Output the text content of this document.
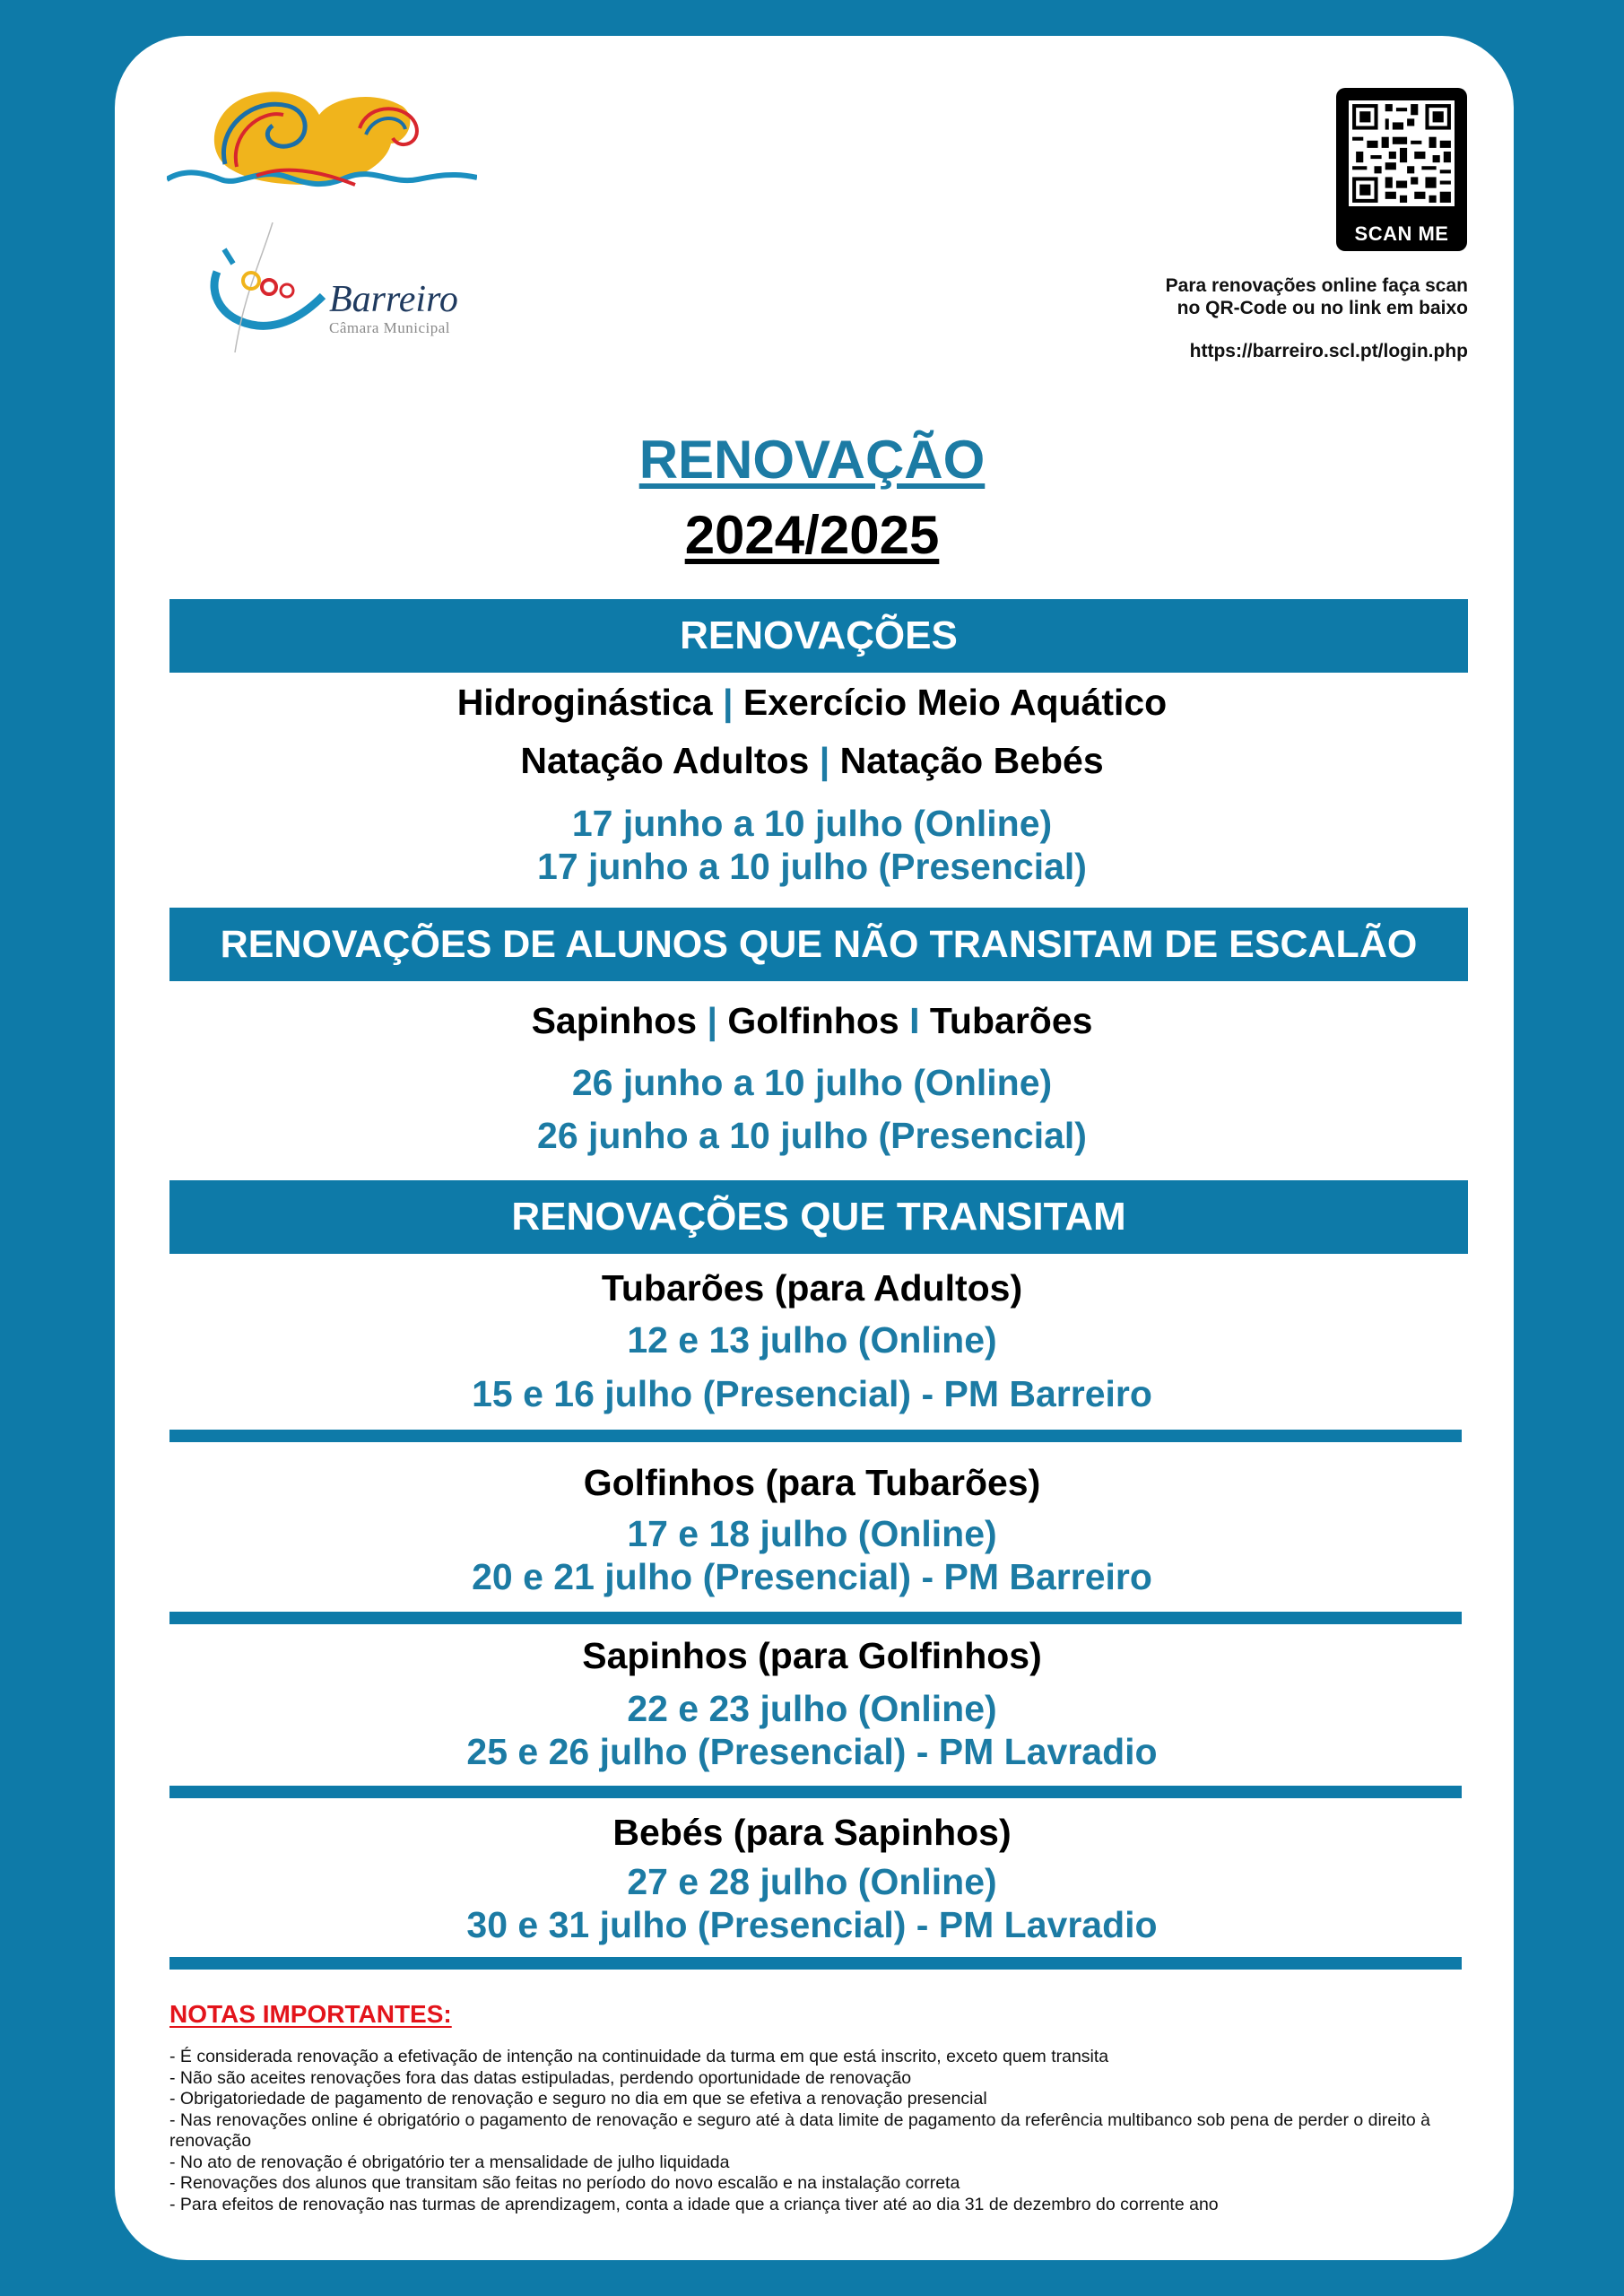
Barreiro
Câmara Municipal
SCAN ME
Para renovações online faça scan
no QR-Code ou no link em baixo
https://barreiro.scl.pt/login.php
RENOVAÇÃO
2024/2025
RENOVAÇÕES
Hidroginástica | Exercício Meio Aquático
Natação Adultos | Natação Bebés
17 junho a 10 julho (Online)
17 junho a 10 julho (Presencial)
RENOVAÇÕES DE ALUNOS QUE NÃO TRANSITAM DE ESCALÃO
Sapinhos | Golfinhos I Tubarões
26 junho a 10 julho (Online)
26 junho a 10 julho (Presencial)
RENOVAÇÕES QUE TRANSITAM
Tubarões (para Adultos)
12 e 13 julho (Online)
15 e 16 julho (Presencial) - PM Barreiro
Golfinhos (para Tubarões)
17 e 18 julho (Online)
20 e 21 julho (Presencial) - PM Barreiro
Sapinhos (para Golfinhos)
22 e 23 julho (Online)
25 e 26 julho (Presencial) - PM Lavradio
Bebés (para Sapinhos)
27 e 28 julho (Online)
30 e 31 julho (Presencial) - PM Lavradio
NOTAS IMPORTANTES:
- É considerada renovação a efetivação de intenção na continuidade da turma em que está inscrito, exceto quem transita
- Não são aceites renovações fora das datas estipuladas, perdendo oportunidade de renovação
- Obrigatoriedade de pagamento de renovação e seguro no dia em que se efetiva a renovação presencial
- Nas renovações online é obrigatório o pagamento de renovação e seguro até à data limite de pagamento da referência multibanco sob pena de perder o direito à renovação
- No ato de renovação é obrigatório ter a mensalidade de julho liquidada
- Renovações dos alunos que transitam são feitas no período do novo escalão e na instalação correta
- Para efeitos de renovação nas turmas de aprendizagem, conta a idade que a criança tiver até ao dia 31 de dezembro do corrente ano
